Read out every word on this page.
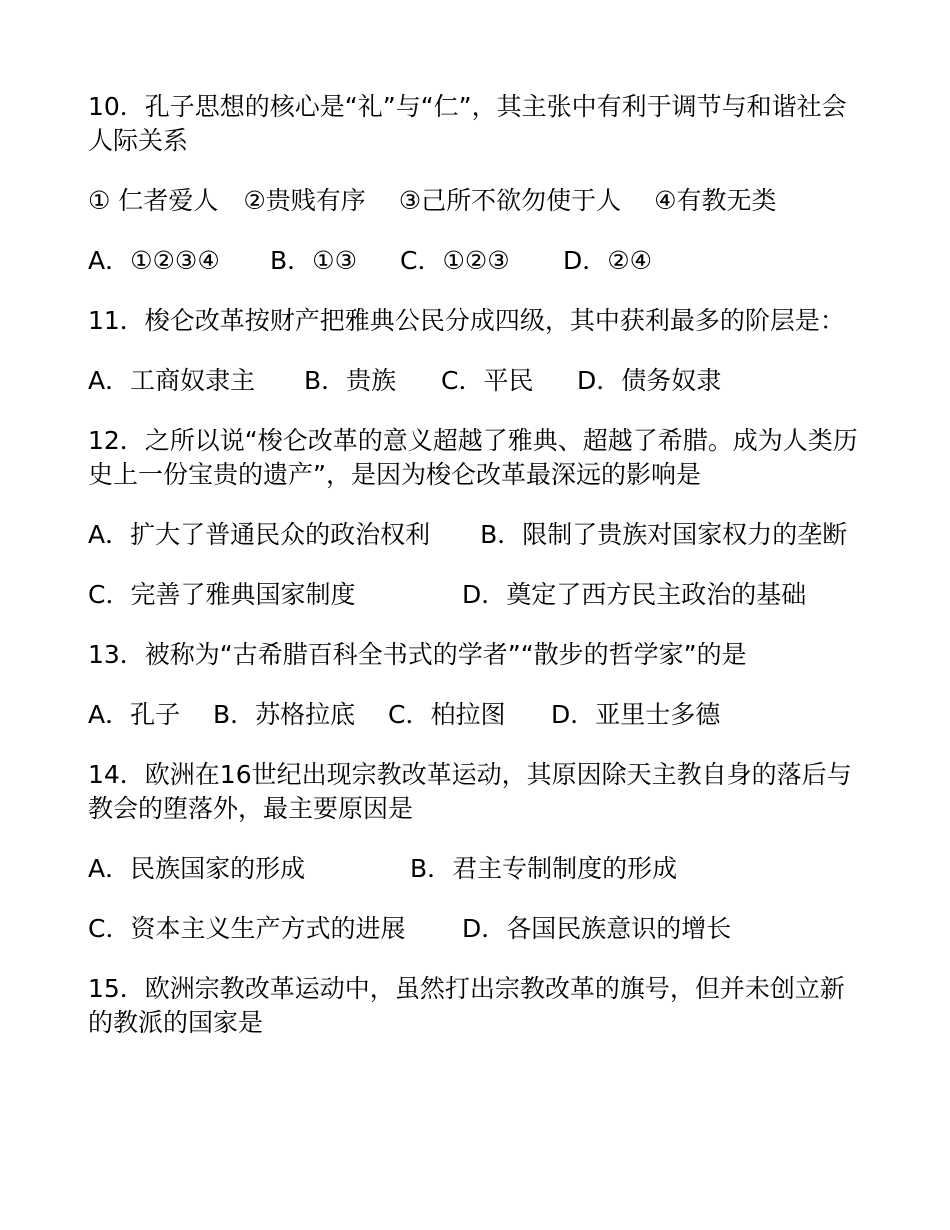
10．孔子思想的核心是“礼”与“仁”，其主张中有利于调节与和谐社会人际关系

① 仁者爱人　②贵贱有序　 ③己所不欲勿使于人　 ④有教无类

A．①②③④	B．①③	C．①②③	D．②④

11．梭仑改革按财产把雅典公民分成四级，其中获利最多的阶层是：

A．工商奴隶主	B．贵族	C．平民	D．债务奴隶

12．之所以说“梭仑改革的意义超越了雅典、超越了希腊。成为人类历史上一份宝贵的遗产”，是因为梭仑改革最深远的影响是

A．扩大了普通民众的政治权利　　B．限制了贵族对国家权力的垄断

C．完善了雅典国家制度	D．奠定了西方民主政治的基础

13．被称为“古希腊百科全书式的学者”“散步的哲学家”的是

A．孔子	B．苏格拉底	C．柏拉图	D．亚里士多德

14．欧洲在16世纪出现宗教改革运动，其原因除天主教自身的落后与教会的堕落外，最主要原因是

A．民族国家的形成	B．君主专制制度的形成
C．资本主义生产方式的进展	D．各国民族意识的增长

15．欧洲宗教改革运动中，虽然打出宗教改革的旗号，但并未创立新的教派的国家是
